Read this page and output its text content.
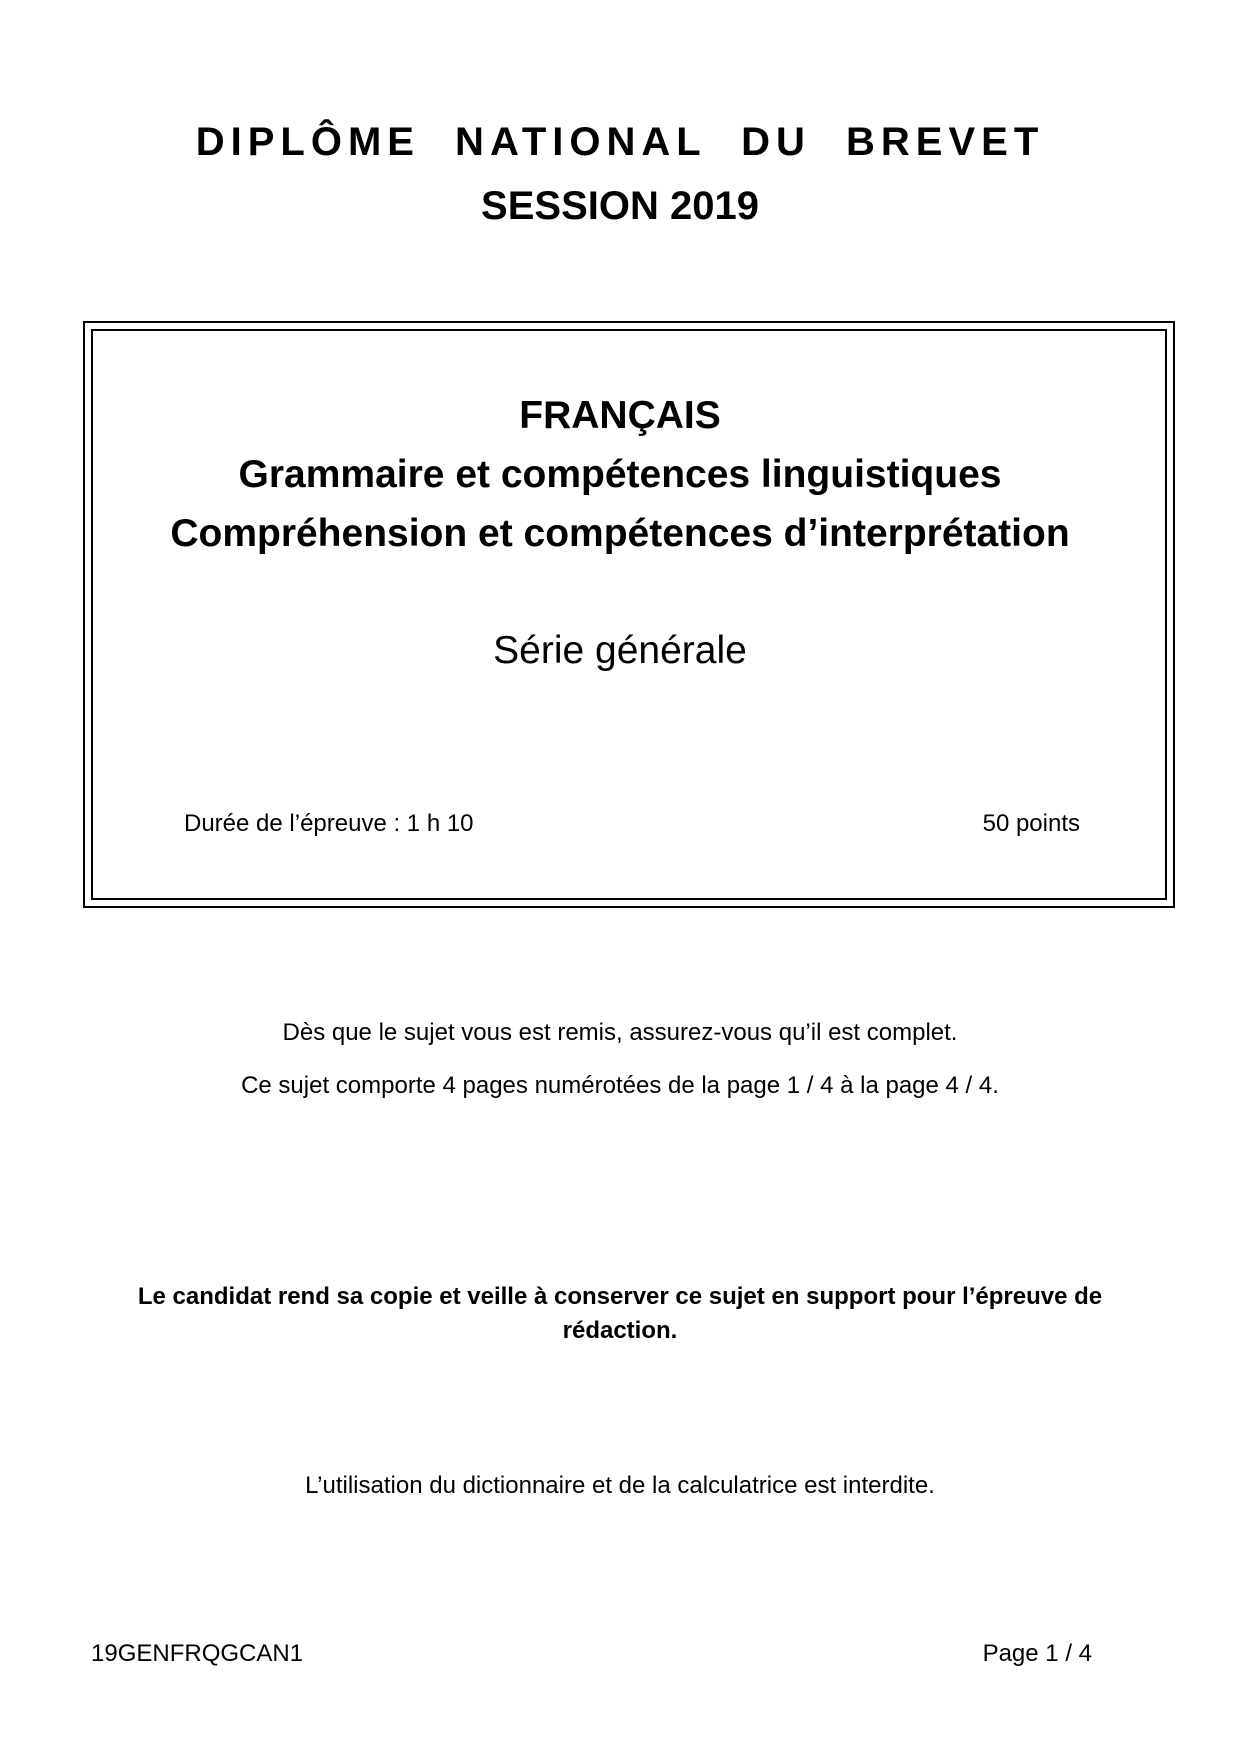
DIPLÔME NATIONAL DU BREVET
SESSION 2019
FRANÇAIS
Grammaire et compétences linguistiques
Compréhension et compétences d’interprétation
Série générale
Durée de l’épreuve : 1 h 10	50 points
Dès que le sujet vous est remis, assurez-vous qu’il est complet.
Ce sujet comporte 4 pages numérotées de la page 1 / 4 à la page 4 / 4.
Le candidat rend sa copie et veille à conserver ce sujet en support pour l’épreuve de rédaction.
L’utilisation du dictionnaire et de la calculatrice est interdite.
19GENFRQGCAN1	Page 1 / 4
